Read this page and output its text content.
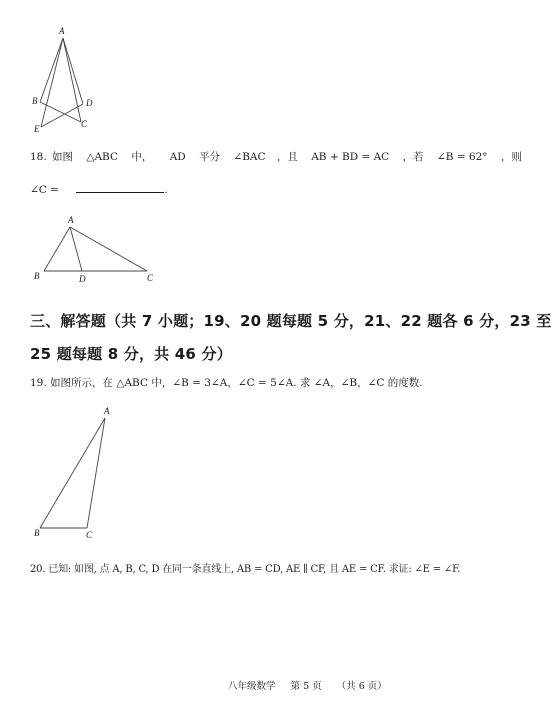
A
B	D
C
E
18. 如图 △ABC 中， AD 平分 ∠BAC ，且 AB + BD = AC ，若 ∠B = 62° ，则
∠C =	.
A
B	D	C
三、解答题（共 7 小题；19、20 题每题 5 分，21、22 题各 6 分，23 至
25 题每题 8 分，共 46 分）
19. 如图所示，在 △ABC 中，∠B = 3∠A，∠C = 5∠A. 求 ∠A，∠B，∠C 的度数.
A
B	C
20. 已知: 如图, 点 A, B, C, D 在同一条直线上, AB = CD, AE ∥ CF, 且 AE = CF. 求证: ∠E = ∠F.
八年级数学 第 5 页 （共 6 页）
